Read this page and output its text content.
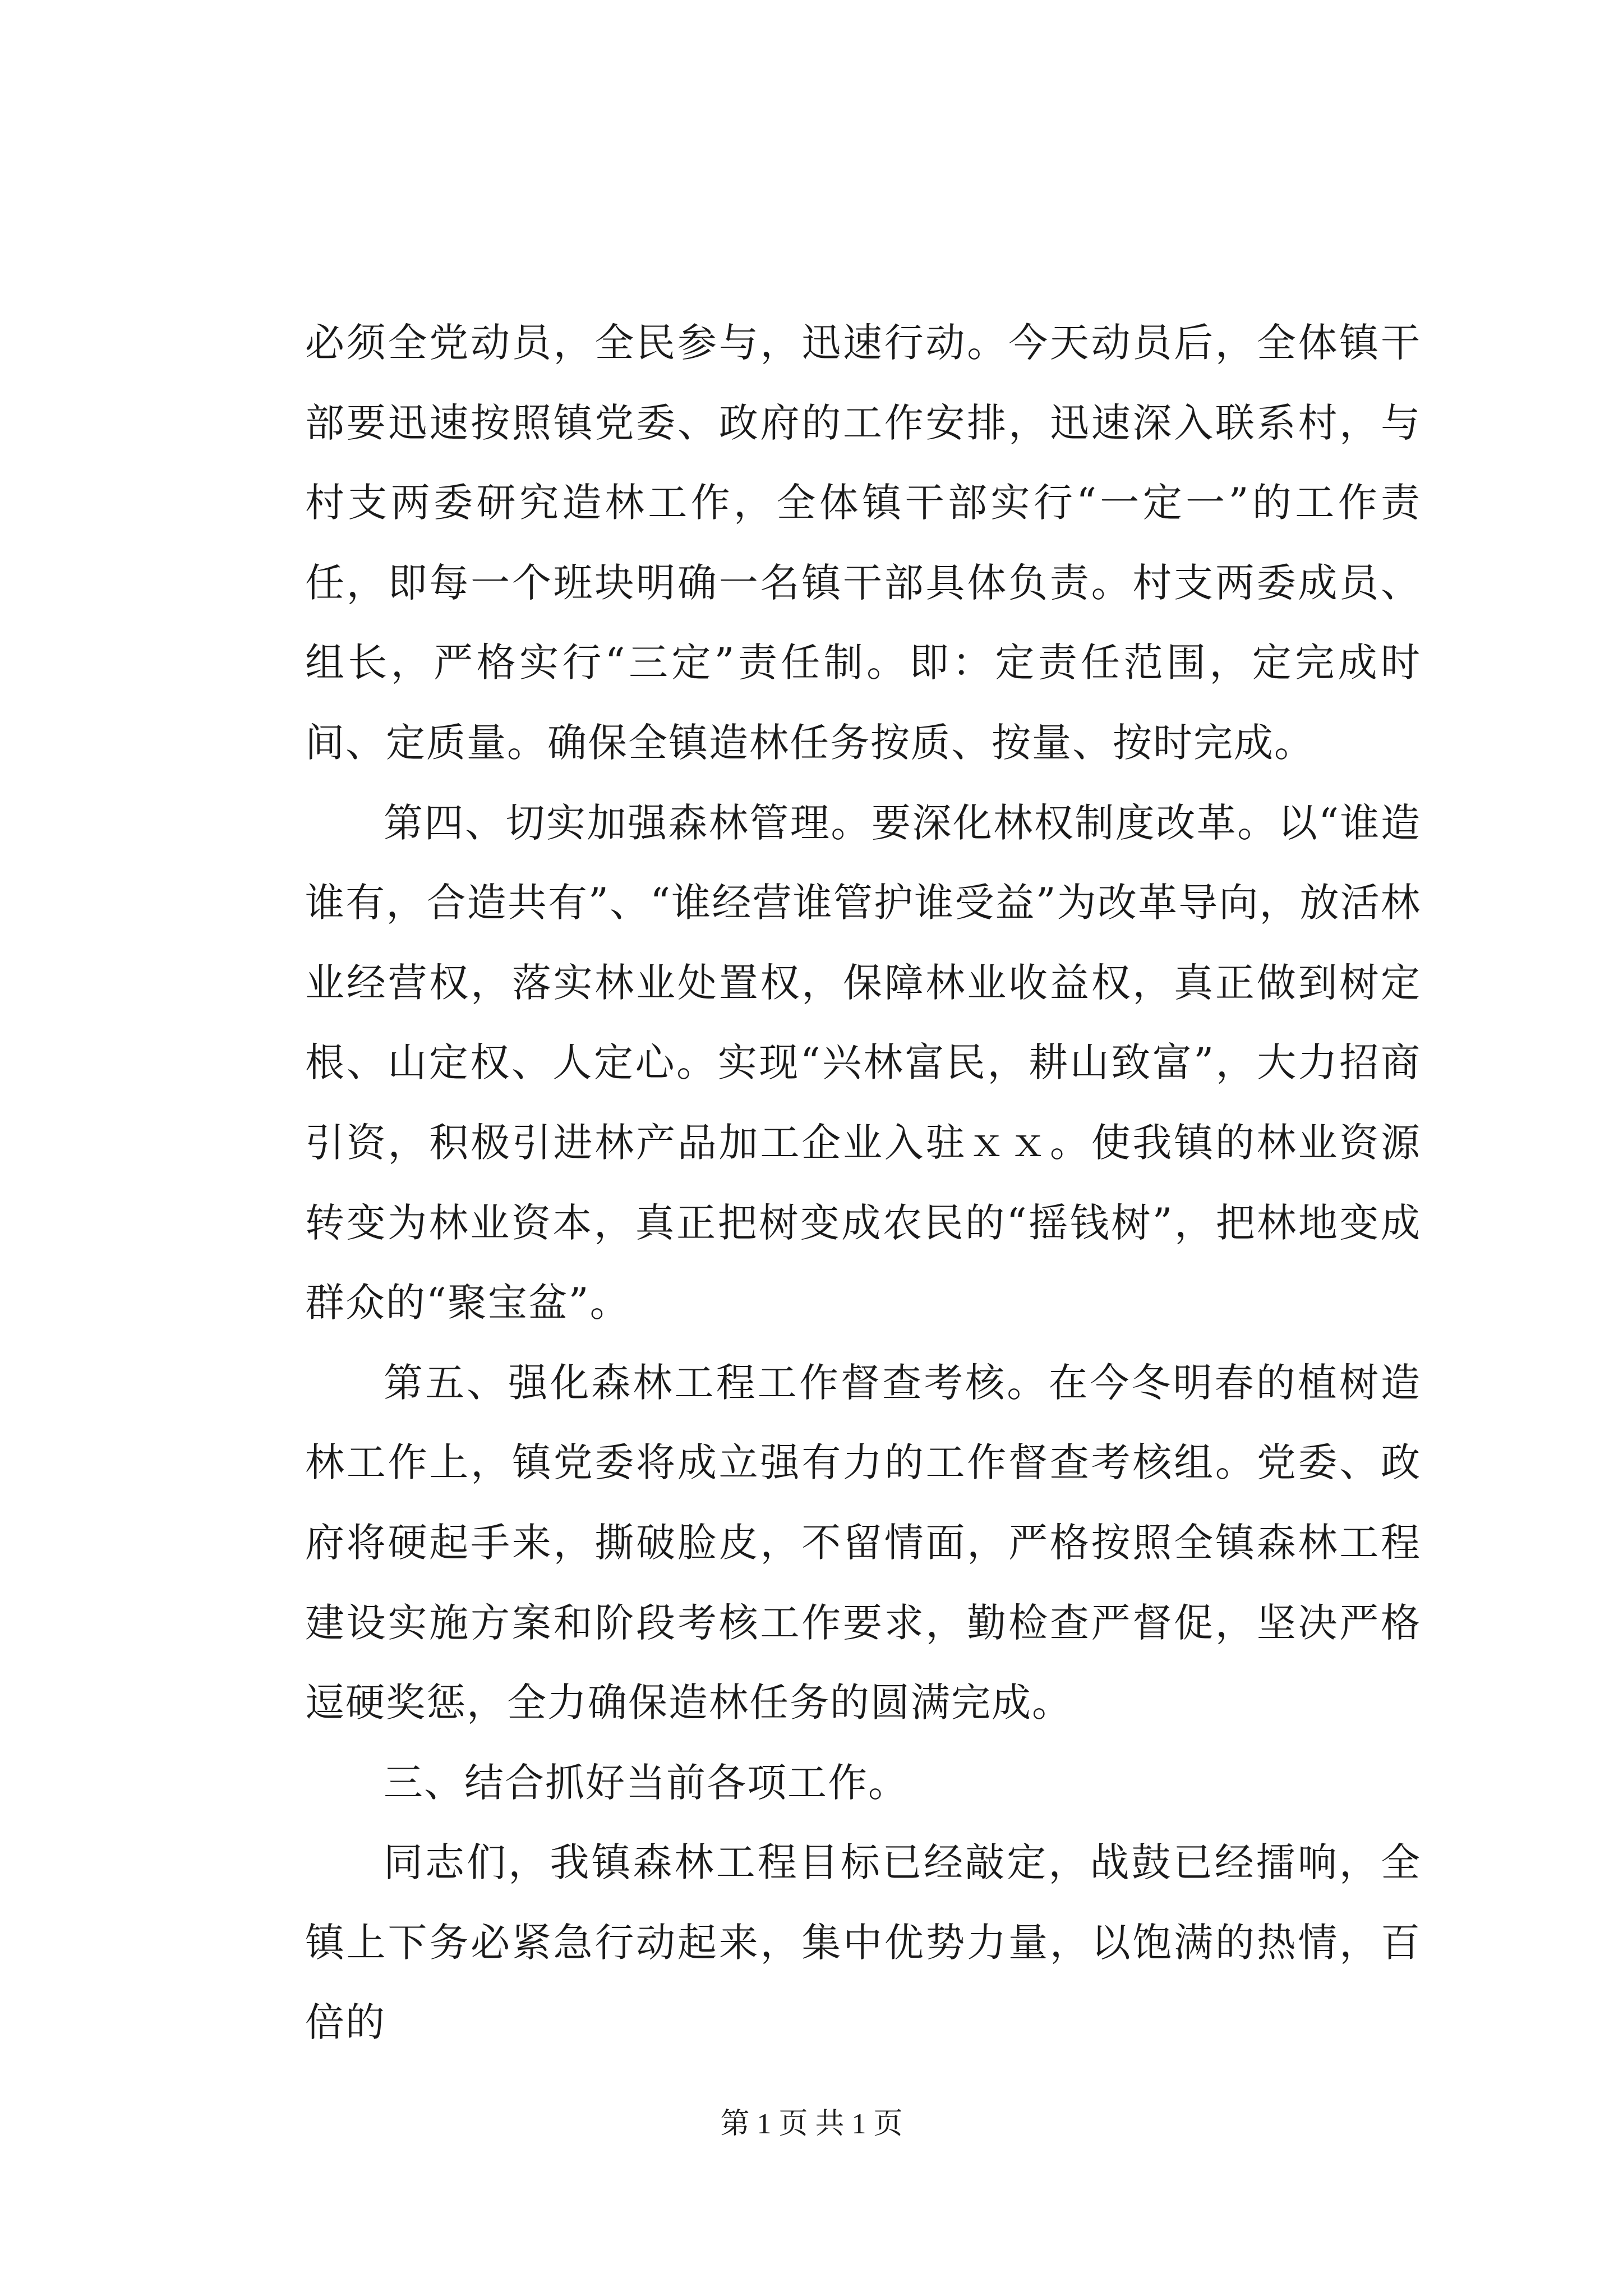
必须全党动员，全民参与，迅速行动。今天动员后，全体镇干部要迅速按照镇党委、政府的工作安排，迅速深入联系村，与村支两委研究造林工作，全体镇干部实行“一定一”的工作责任，即每一个班块明确一名镇干部具体负责。村支两委成员、组长，严格实行“三定”责任制。即：定责任范围，定完成时间、定质量。确保全镇造林任务按质、按量、按时完成。

第四、切实加强森林管理。要深化林权制度改革。以“谁造谁有，合造共有”、“谁经营谁管护谁受益”为改革导向，放活林业经营权，落实林业处置权，保障林业收益权，真正做到树定根、山定权、人定心。实现“兴林富民，耕山致富”，大力招商引资，积极引进林产品加工企业入驻ｘｘ。使我镇的林业资源转变为林业资本，真正把树变成农民的“摇钱树”，把林地变成群众的“聚宝盆”。

第五、强化森林工程工作督查考核。在今冬明春的植树造林工作上，镇党委将成立强有力的工作督查考核组。党委、政府将硬起手来，撕破脸皮，不留情面，严格按照全镇森林工程建设实施方案和阶段考核工作要求，勤检查严督促，坚决严格逗硬奖惩，全力确保造林任务的圆满完成。

三、结合抓好当前各项工作。

同志们，我镇森林工程目标已经敲定，战鼓已经擂响，全镇上下务必紧急行动起来，集中优势力量，以饱满的热情，百倍的

第 1 页 共 1 页
